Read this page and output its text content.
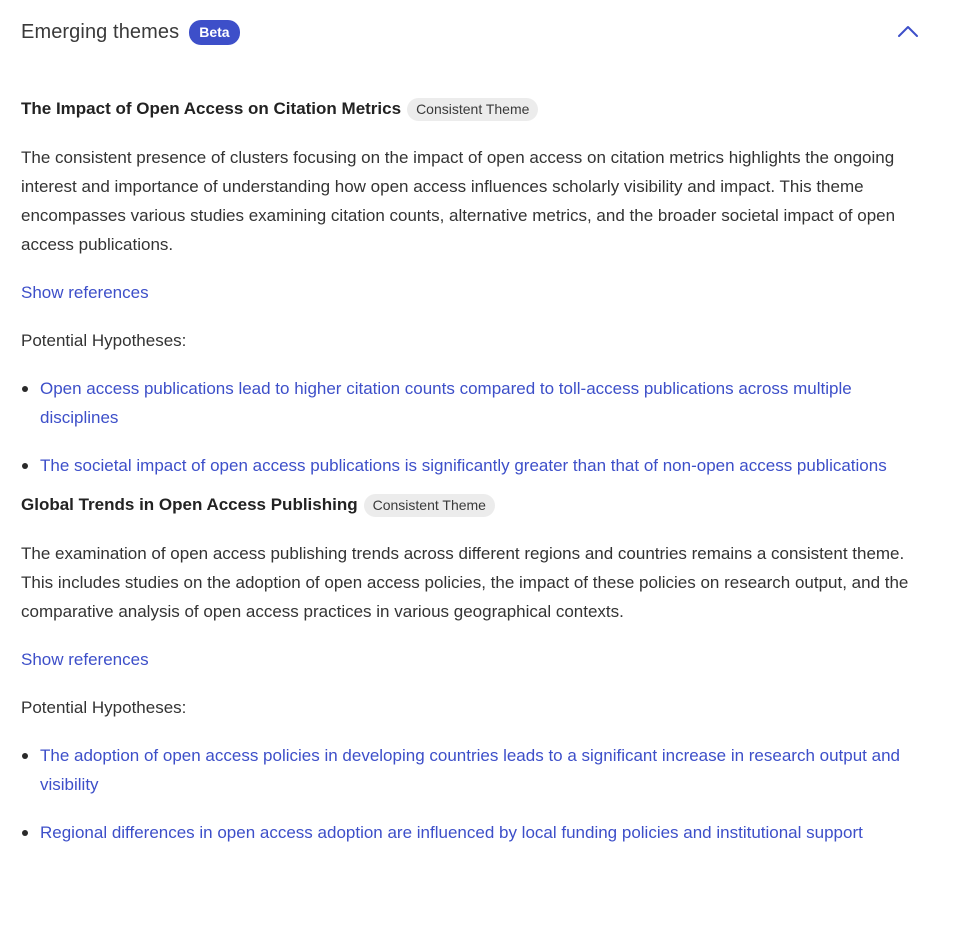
Emerging themes	Beta
The Impact of Open Access on Citation Metrics	Consistent Theme

The consistent presence of clusters focusing on the impact of open access on citation metrics highlights the ongoing interest and importance of understanding how open access influences scholarly visibility and impact. This theme encompasses various studies examining citation counts, alternative metrics, and the broader societal impact of open access publications.

Show references
Potential Hypotheses:
Open access publications lead to higher citation counts compared to toll-access publications across multiple disciplines
The societal impact of open access publications is significantly greater than that of non-open access publications
Global Trends in Open Access Publishing	Consistent Theme

The examination of open access publishing trends across different regions and countries remains a consistent theme. This includes studies on the adoption of open access policies, the impact of these policies on research output, and the comparative analysis of open access practices in various geographical contexts.

Show references
Potential Hypotheses:
The adoption of open access policies in developing countries leads to a significant increase in research output and visibility
Regional differences in open access adoption are influenced by local funding policies and institutional support
